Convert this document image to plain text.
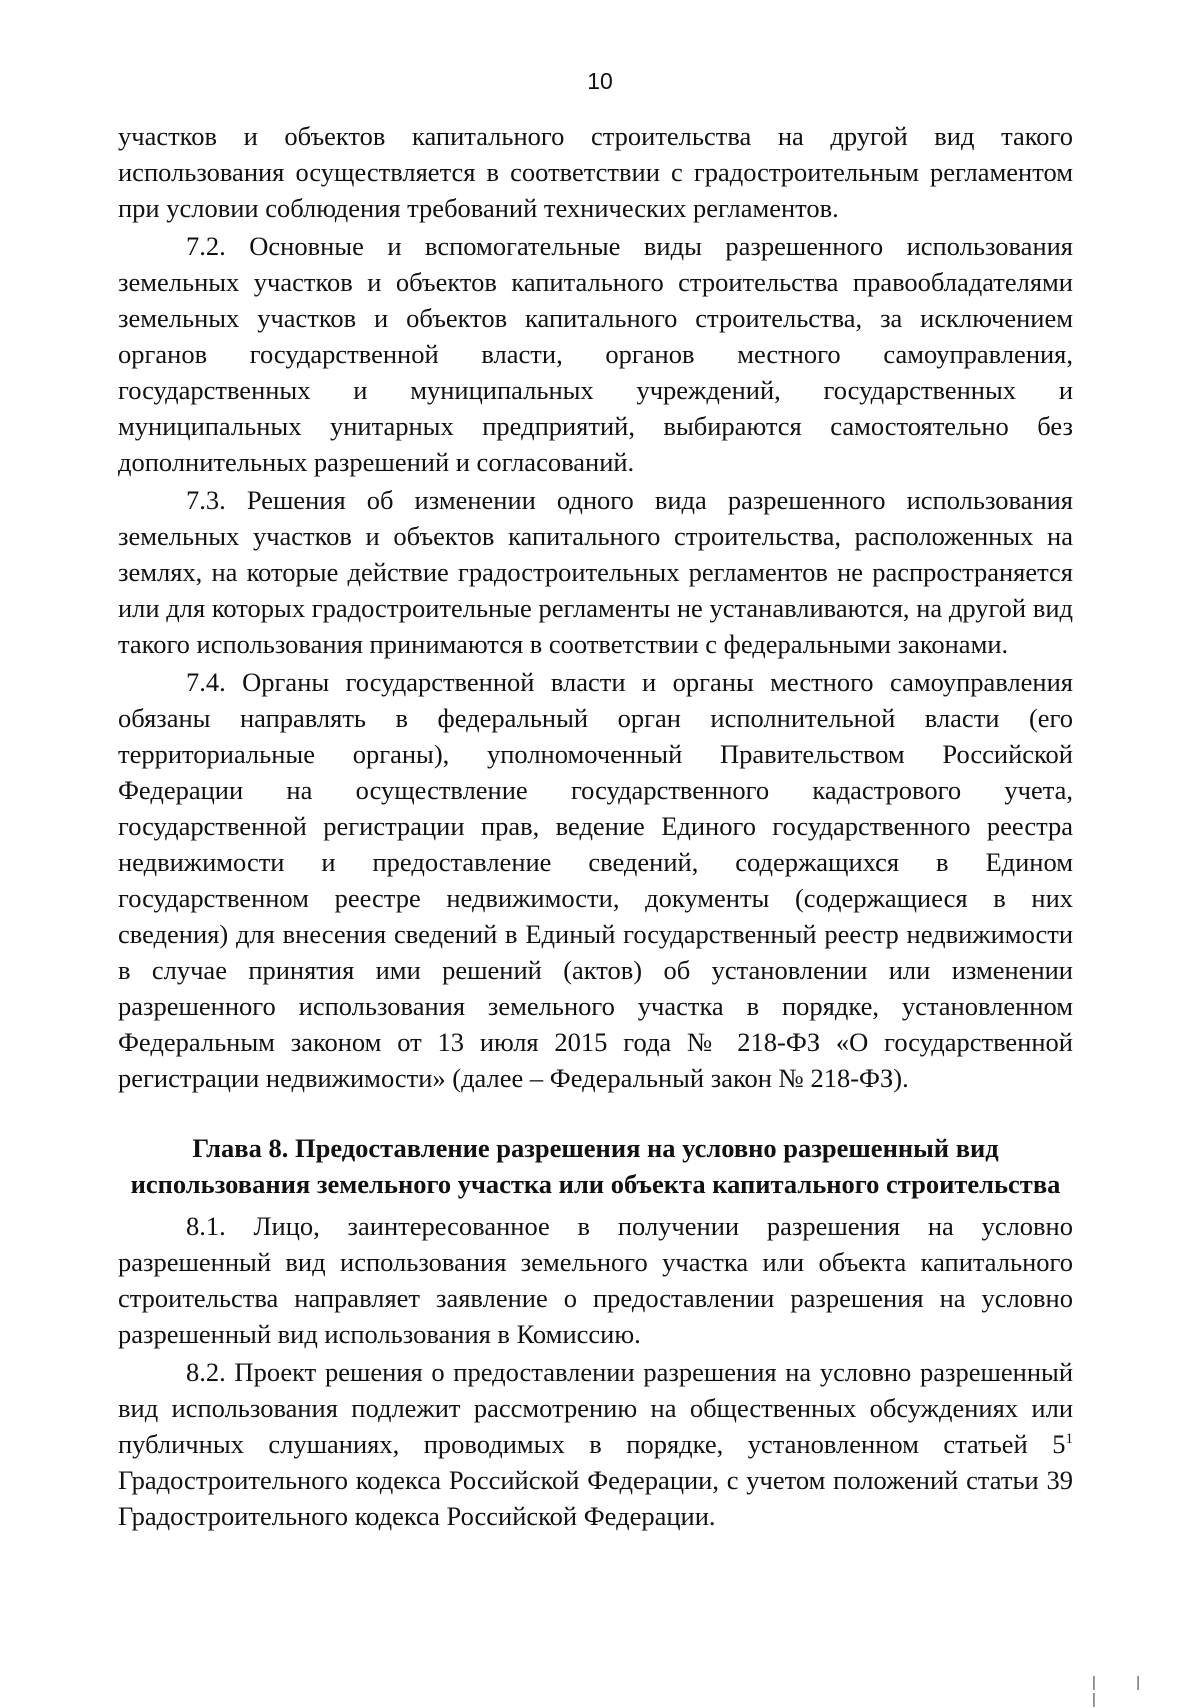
10

участков и объектов капитального строительства на другой вид такого использования осуществляется в соответствии с градостроительным регламентом при условии соблюдения требований технических регламентов.

7.2. Основные и вспомогательные виды разрешенного использования земельных участков и объектов капитального строительства правообладателями земельных участков и объектов капитального строительства, за исключением органов государственной власти, органов местного самоуправления, государственных и муниципальных учреждений, государственных и муниципальных унитарных предприятий, выбираются самостоятельно без дополнительных разрешений и согласований.

7.3. Решения об изменении одного вида разрешенного использования земельных участков и объектов капитального строительства, расположенных на землях, на которые действие градостроительных регламентов не распространяется или для которых градостроительные регламенты не устанавливаются, на другой вид такого использования принимаются в соответствии с федеральными законами.

7.4. Органы государственной власти и органы местного самоуправления обязаны направлять в федеральный орган исполнительной власти (его территориальные органы), уполномоченный Правительством Российской Федерации на осуществление государственного кадастрового учета, государственной регистрации прав, ведение Единого государственного реестра недвижимости и предоставление сведений, содержащихся в Едином государственном реестре недвижимости, документы (содержащиеся в них сведения) для внесения сведений в Единый государственный реестр недвижимости в случае принятия ими решений (актов) об установлении или изменении разрешенного использования земельного участка в порядке, установленном Федеральным законом от 13 июля 2015 года № 218-ФЗ «О государственной регистрации недвижимости» (далее – Федеральный закон № 218-ФЗ).

Глава 8. Предоставление разрешения на условно разрешенный вид
использования земельного участка или объекта капитального строительства

8.1. Лицо, заинтересованное в получении разрешения на условно разрешенный вид использования земельного участка или объекта капитального строительства направляет заявление о предоставлении разрешения на условно разрешенный вид использования в Комиссию.

8.2. Проект решения о предоставлении разрешения на условно разрешенный вид использования подлежит рассмотрению на общественных обсуждениях или публичных слушаниях, проводимых в порядке, установленном статьей $5^1$ Градостроительного кодекса Российской Федерации, с учетом положений статьи 39 Градостроительного кодекса Российской Федерации.

| | |
